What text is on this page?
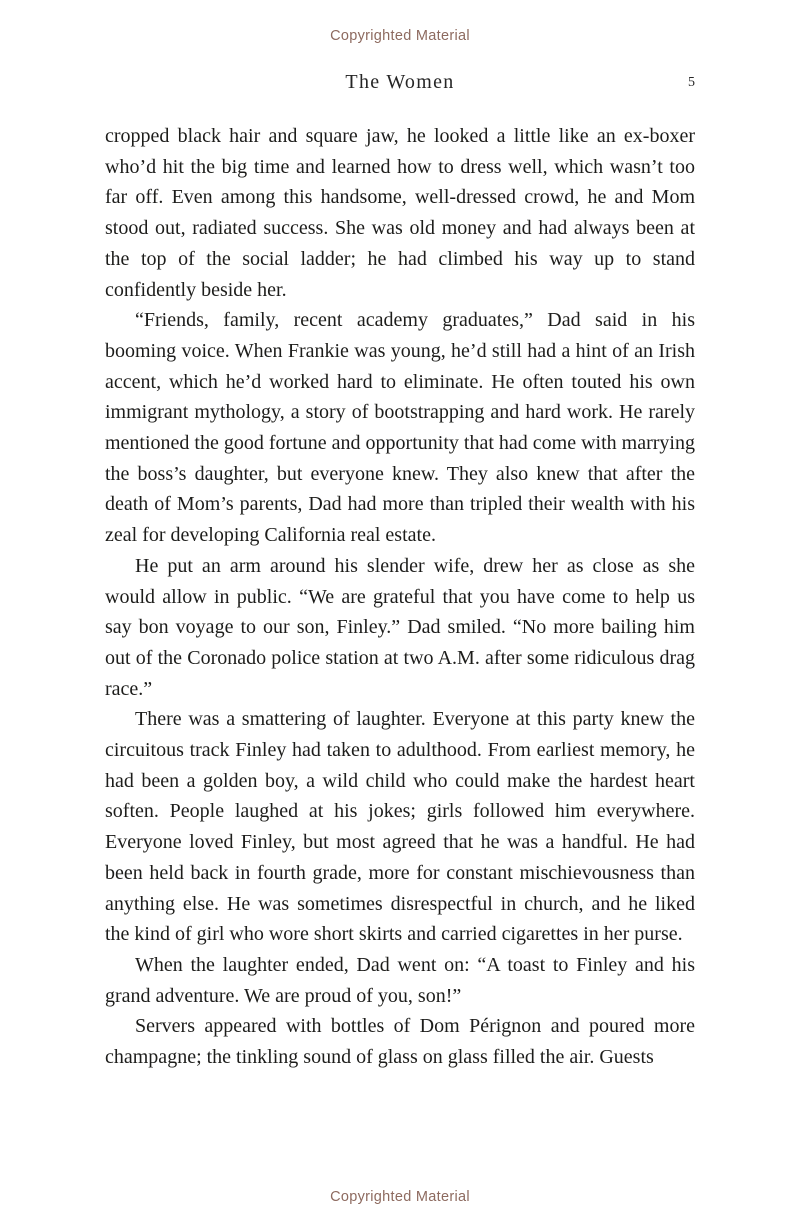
Copyrighted Material
The Women	5

cropped black hair and square jaw, he looked a little like an ex-boxer who’d hit the big time and learned how to dress well, which wasn’t too far off. Even among this handsome, well-dressed crowd, he and Mom stood out, radiated success. She was old money and had always been at the top of the social ladder; he had climbed his way up to stand confidently beside her.

“Friends, family, recent academy graduates,” Dad said in his booming voice. When Frankie was young, he’d still had a hint of an Irish accent, which he’d worked hard to eliminate. He often touted his own immigrant mythology, a story of bootstrapping and hard work. He rarely mentioned the good fortune and opportunity that had come with marrying the boss’s daughter, but everyone knew. They also knew that after the death of Mom’s parents, Dad had more than tripled their wealth with his zeal for developing California real estate.

He put an arm around his slender wife, drew her as close as she would allow in public. “We are grateful that you have come to help us say bon voyage to our son, Finley.” Dad smiled. “No more bailing him out of the Coronado police station at two A.M. after some ridiculous drag race.”

There was a smattering of laughter. Everyone at this party knew the circuitous track Finley had taken to adulthood. From earliest memory, he had been a golden boy, a wild child who could make the hardest heart soften. People laughed at his jokes; girls followed him everywhere. Everyone loved Finley, but most agreed that he was a handful. He had been held back in fourth grade, more for constant mischievousness than anything else. He was sometimes disrespectful in church, and he liked the kind of girl who wore short skirts and carried cigarettes in her purse.

When the laughter ended, Dad went on: “A toast to Finley and his grand adventure. We are proud of you, son!”

Servers appeared with bottles of Dom Pérignon and poured more champagne; the tinkling sound of glass on glass filled the air. Guests

Copyrighted Material
